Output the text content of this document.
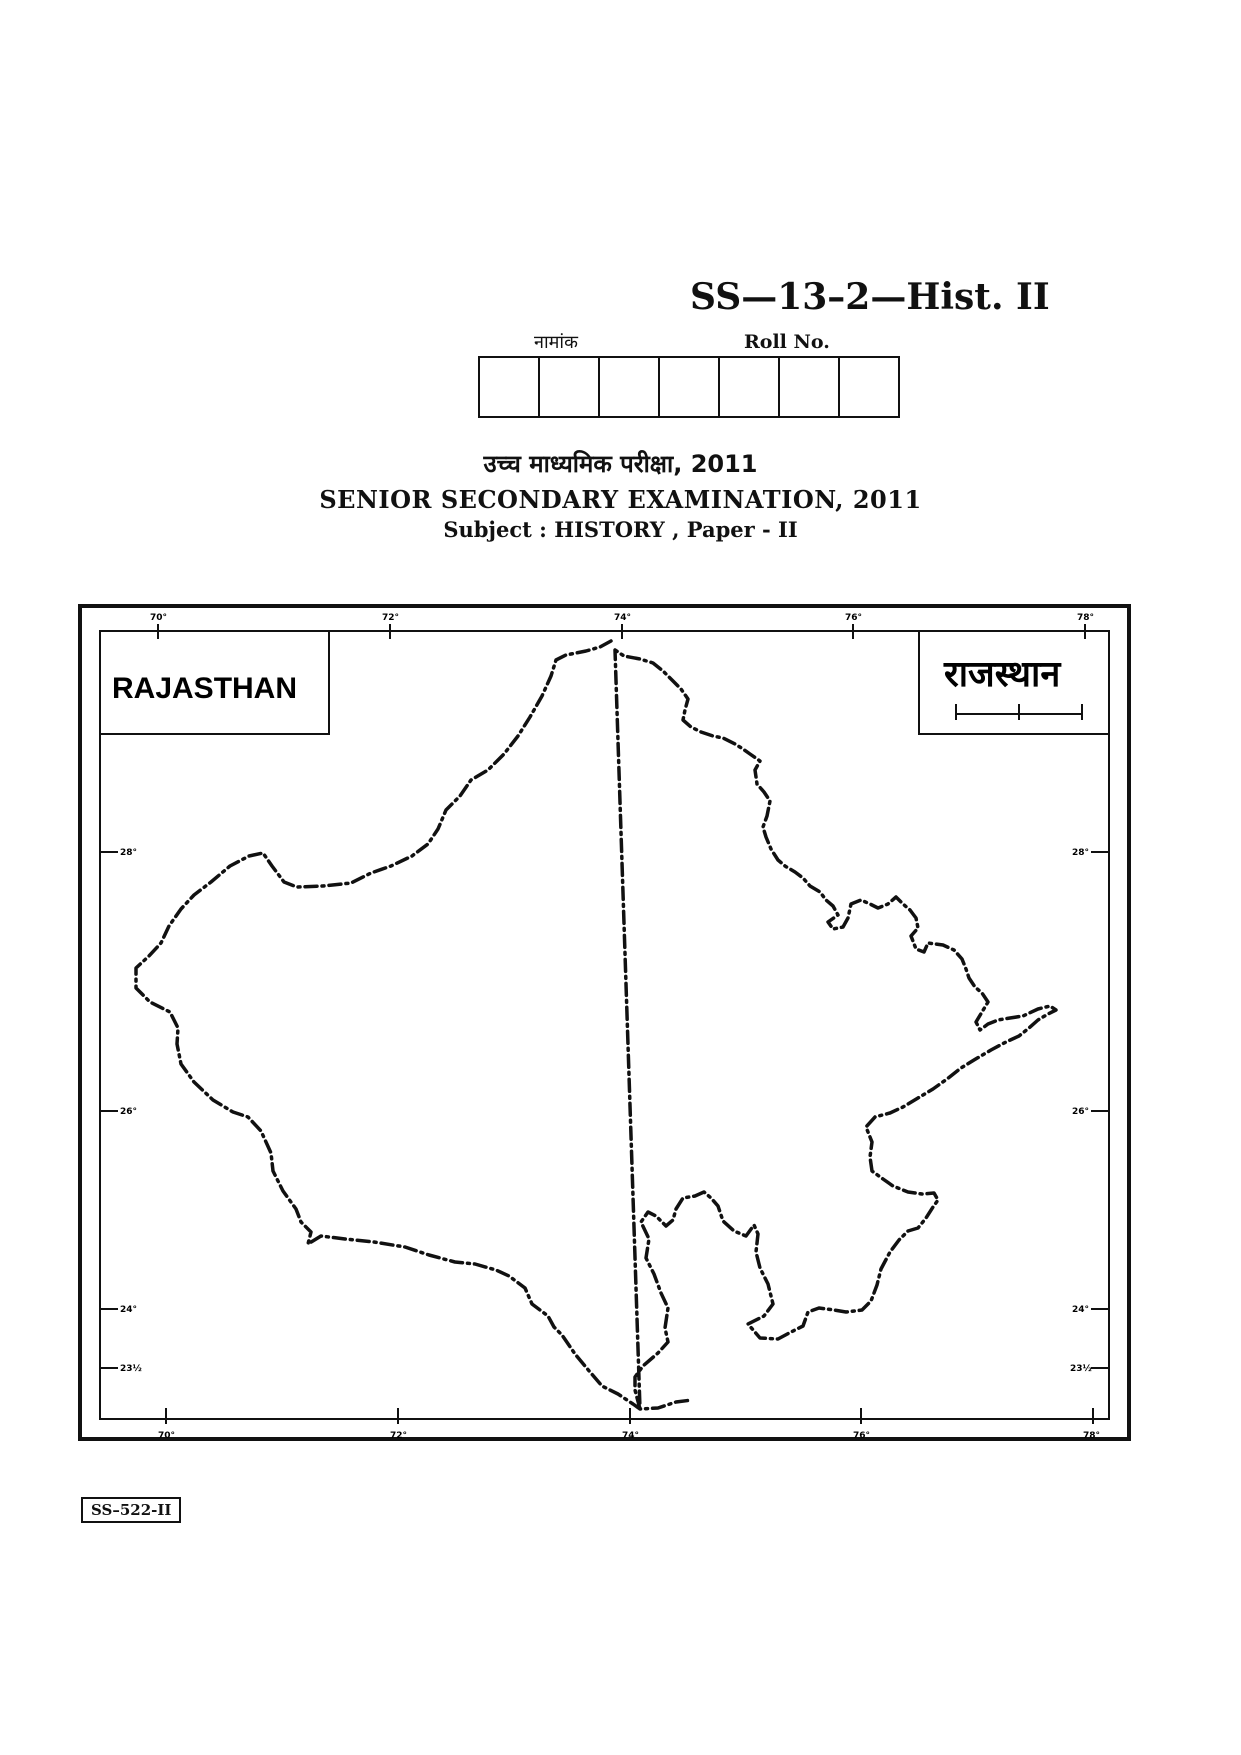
SS—13–2—Hist. II
नामांक	Roll No.
उच्च माध्यमिक परीक्षा, 2011
SENIOR SECONDARY EXAMINATION, 2011
Subject : HISTORY , Paper - II
RAJASTHAN	राजस्थान
70°	72°	74°	76°	78°
70°	72°	74°	76°	78°
28°
26°
24°
23½
28°
26°
24°
23½
SS–522-II
